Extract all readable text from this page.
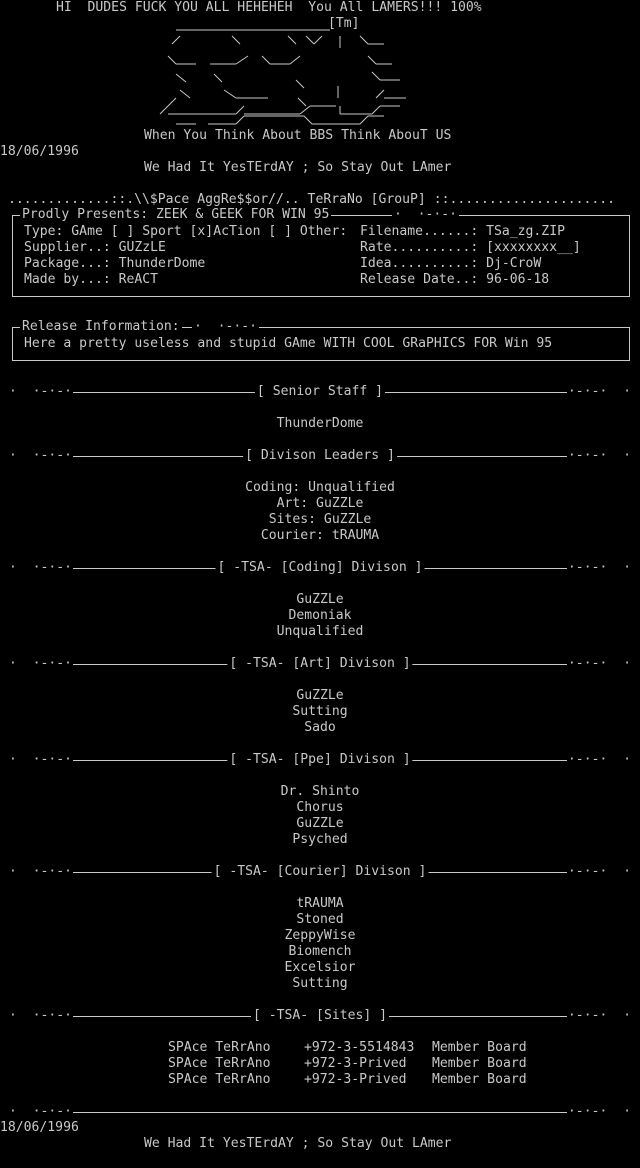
HI  DUDES FUCK YOU ALL HEHEHEH  You All LAMERS!!! 100%
[Tm]
When You Think About BBS Think AbouT US
18/06/1996
We Had It YesTErdAY ; So Stay Out LAmer
.............::.\\$Pace AggRe$$or//.. TeRraNo [GrouP] ::.....................
Prodly Presents: ZEEK & GEEK FOR WIN 95	·  ·-·-·
Type: GAme [ ] Sport [x]AcTion [ ] Other: Filename......: TSa_zg.ZIP
Supplier..: GUZzLE	Rate..........: [xxxxxxxx__]
Package...: ThunderDome	Idea..........: Dj-CroW
Made by...: ReACT	Release Date..: 96-06-18
Release Information: ·  ·-·-·
Here a pretty useless and stupid GAme WITH COOL GRaPHICS FOR Win 95
·  ·-·-·	·-·-·  ·
[ Senior Staff ]
ThunderDome
·  ·-·-·	·-·-·  ·
[ Divison Leaders ]
Coding: Unqualified
Art: GuZZLe
Sites: GuZZLe
Courier: tRAUMA
·  ·-·-·	·-·-·  ·
[ -TSA- [Coding] Divison ]
GuZZLe
Demoniak
Unqualified
·  ·-·-·	·-·-·  ·
[ -TSA- [Art] Divison ]
GuZZLe
Sutting
Sado
·  ·-·-·	·-·-·  ·
[ -TSA- [Ppe] Divison ]
Dr. Shinto
Chorus
GuZZLe
Psyched
·  ·-·-·	·-·-·  ·
[ -TSA- [Courier] Divison ]
tRAUMA
Stoned
ZeppyWise
Biomench
Excelsior
Sutting
·  ·-·-·	·-·-·  ·
[ -TSA- [Sites] ]
SPAce TeRrAno	+972-3-5514843 Member Board
SPAce TeRrAno	+972-3-Prived Member Board
SPAce TeRrAno	+972-3-Prived Member Board
·  ·-·-·	·-·-·  ·
18/06/1996
We Had It YesTErdAY ; So Stay Out LAmer
